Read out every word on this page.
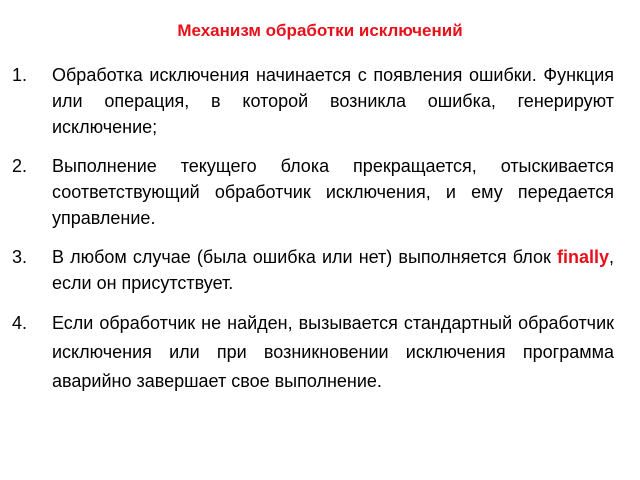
Механизм обработки исключений
1. Обработка исключения начинается с появления ошибки. Функция или операция, в которой возникла ошибка, генерируют исключение;
2. Выполнение текущего блока прекращается, отыскивается соответствующий обработчик исключения, и ему передается управление.
3. В любом случае (была ошибка или нет) выполняется блок finally, если он присутствует.
4. Если обработчик не найден, вызывается стандартный обработчик исключения или при возникновении исключения программа аварийно завершает свое выполнение.
